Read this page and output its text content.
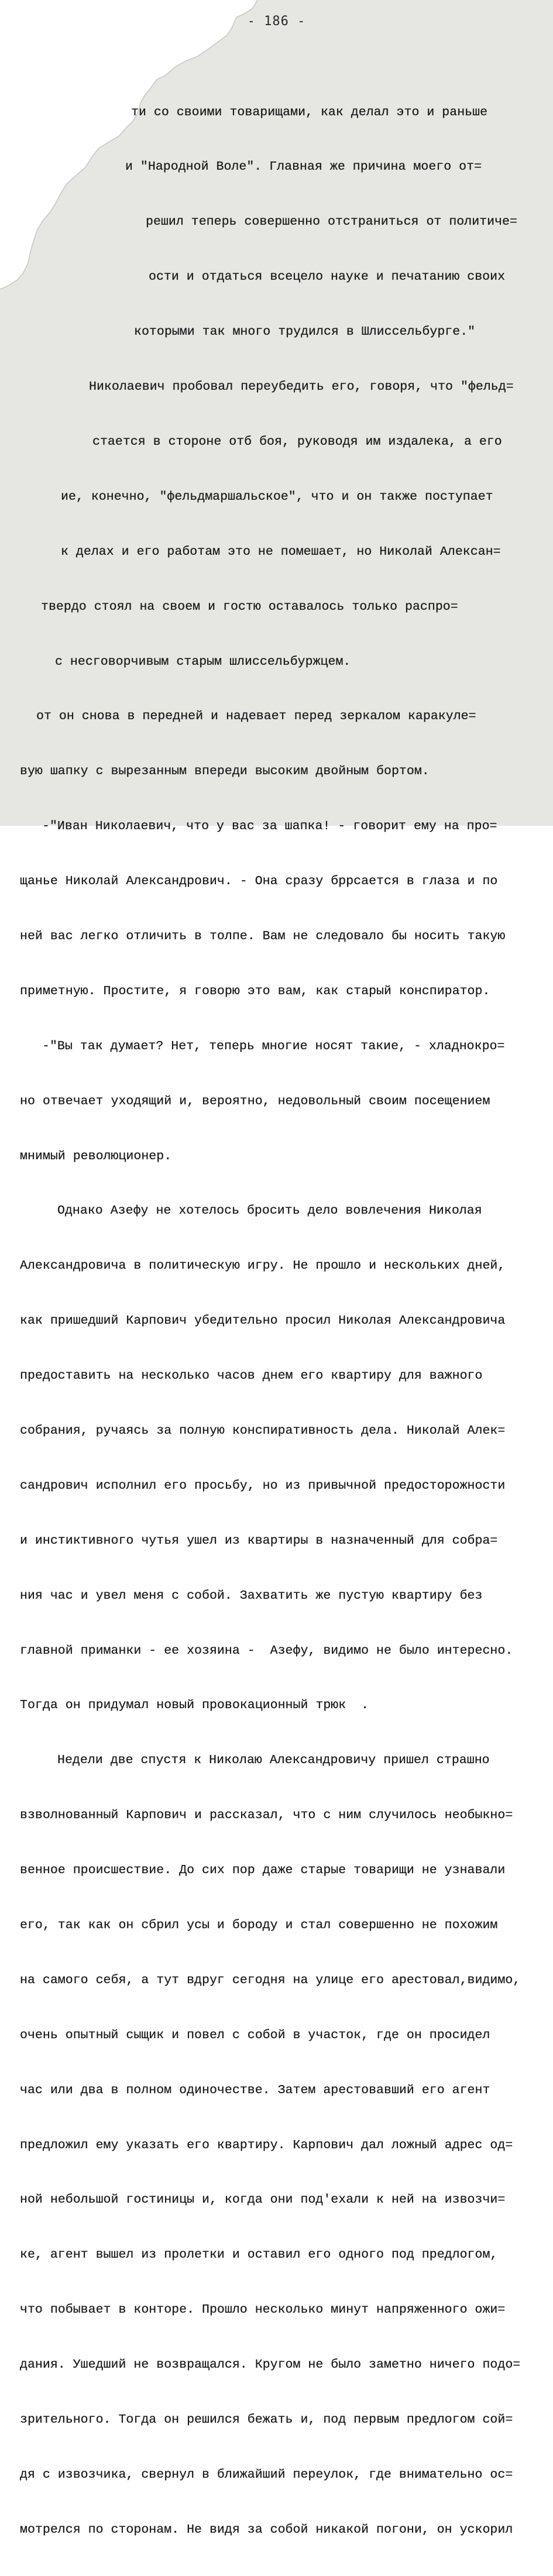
- 186 -

ти со своими товарищами, как делал это и раньше

и "Народной Воле". Главная же причина моего от=

решил теперь совершенно отстраниться от политиче=

ости и отдаться всецело науке и печатанию своих

которыми так много трудился в Шлиссельбурге."

Николаевич пробовал переубедить его, говоря, что "фельд=

стается в стороне отб боя, руководя им издалека, а его

ие, конечно, "фельдмаршальское", что и он также поступает

к делах и его работам это не помешает, но Николай Алексан=

твердо стоял на своем и гостю оставалось только распро=

с несговорчивым старым шлиссельбуржцем.

от он снова в передней и надевает перед зеркалом каракуле=

вую шапку с вырезанным впереди высоким двойным бортом.

-"Иван Николаевич, что у вас за шапка! - говорит ему на про=

щанье Николай Александрович. - Она сразу брpсается в глаза и по

ней вас легко отличить в толпе. Вам не следовало бы носить такую

приметную. Простите, я говорю это вам, как старый конспиратор.

-"Вы так думает? Нет, теперь многие носят такие, - хладнокро=

но отвечает уходящий и, вероятно, недовольный своим посещением

мнимый революционер.

Однако Азефу не хотелось бросить дело вовлечения Николая

Александровича в политическую игру. Не прошло и нескольких дней,

как пришедший Карпович убедительно просил Николая Александровича

предоставить на несколько часов днем его квартиру для важного

собрания, ручаясь за полную конспиративность дела. Николай Алек=

сандрович исполнил его просьбу, но из привычной предосторожности

и инстиктивного чутья ушел из квартиры в назначенный для собра=

ния час и увел меня с собой. Захватить же пустую квартиру без

главной приманки - ее хозяина -  Азефу, видимо не было интересно.

Тогда он придумал новый провокационный трюк  .

Недели две спустя к Николаю Александровичу пришел страшно

взволнованный Карпович и рассказал, что с ним случилось необыкно=

венное происшествие. До сих пор даже старые товарищи не узнавали

его, так как он сбрил усы и бороду и стал совершенно не похожим

на самого себя, а тут вдруг сегодня на улице его арестовал,видимо,

очень опытный сыщик и повел с собой в участок, где он просидел

час или два в полном одиночестве. Затем арестовавший его агент

предложил ему указать его квартиру. Карпович дал ложный адрес од=

ной небольшой гостиницы и, когда они под'ехали к ней на извозчи=

ке, агент вышел из пролетки и оставил его одного под предлогом,

что побывает в конторе. Прошло несколько минут напряженного ожи=

дания. Ушедший не возвращался. Кругом не было заметно ничего подо=

зрительного. Тогда он решился бежать и, под первым предлогом сой=

дя с извозчика, свернул в ближайший переулок, где внимательно ос=

мотрелся по сторонам. Не видя за собой никакой погони, он ускорил
